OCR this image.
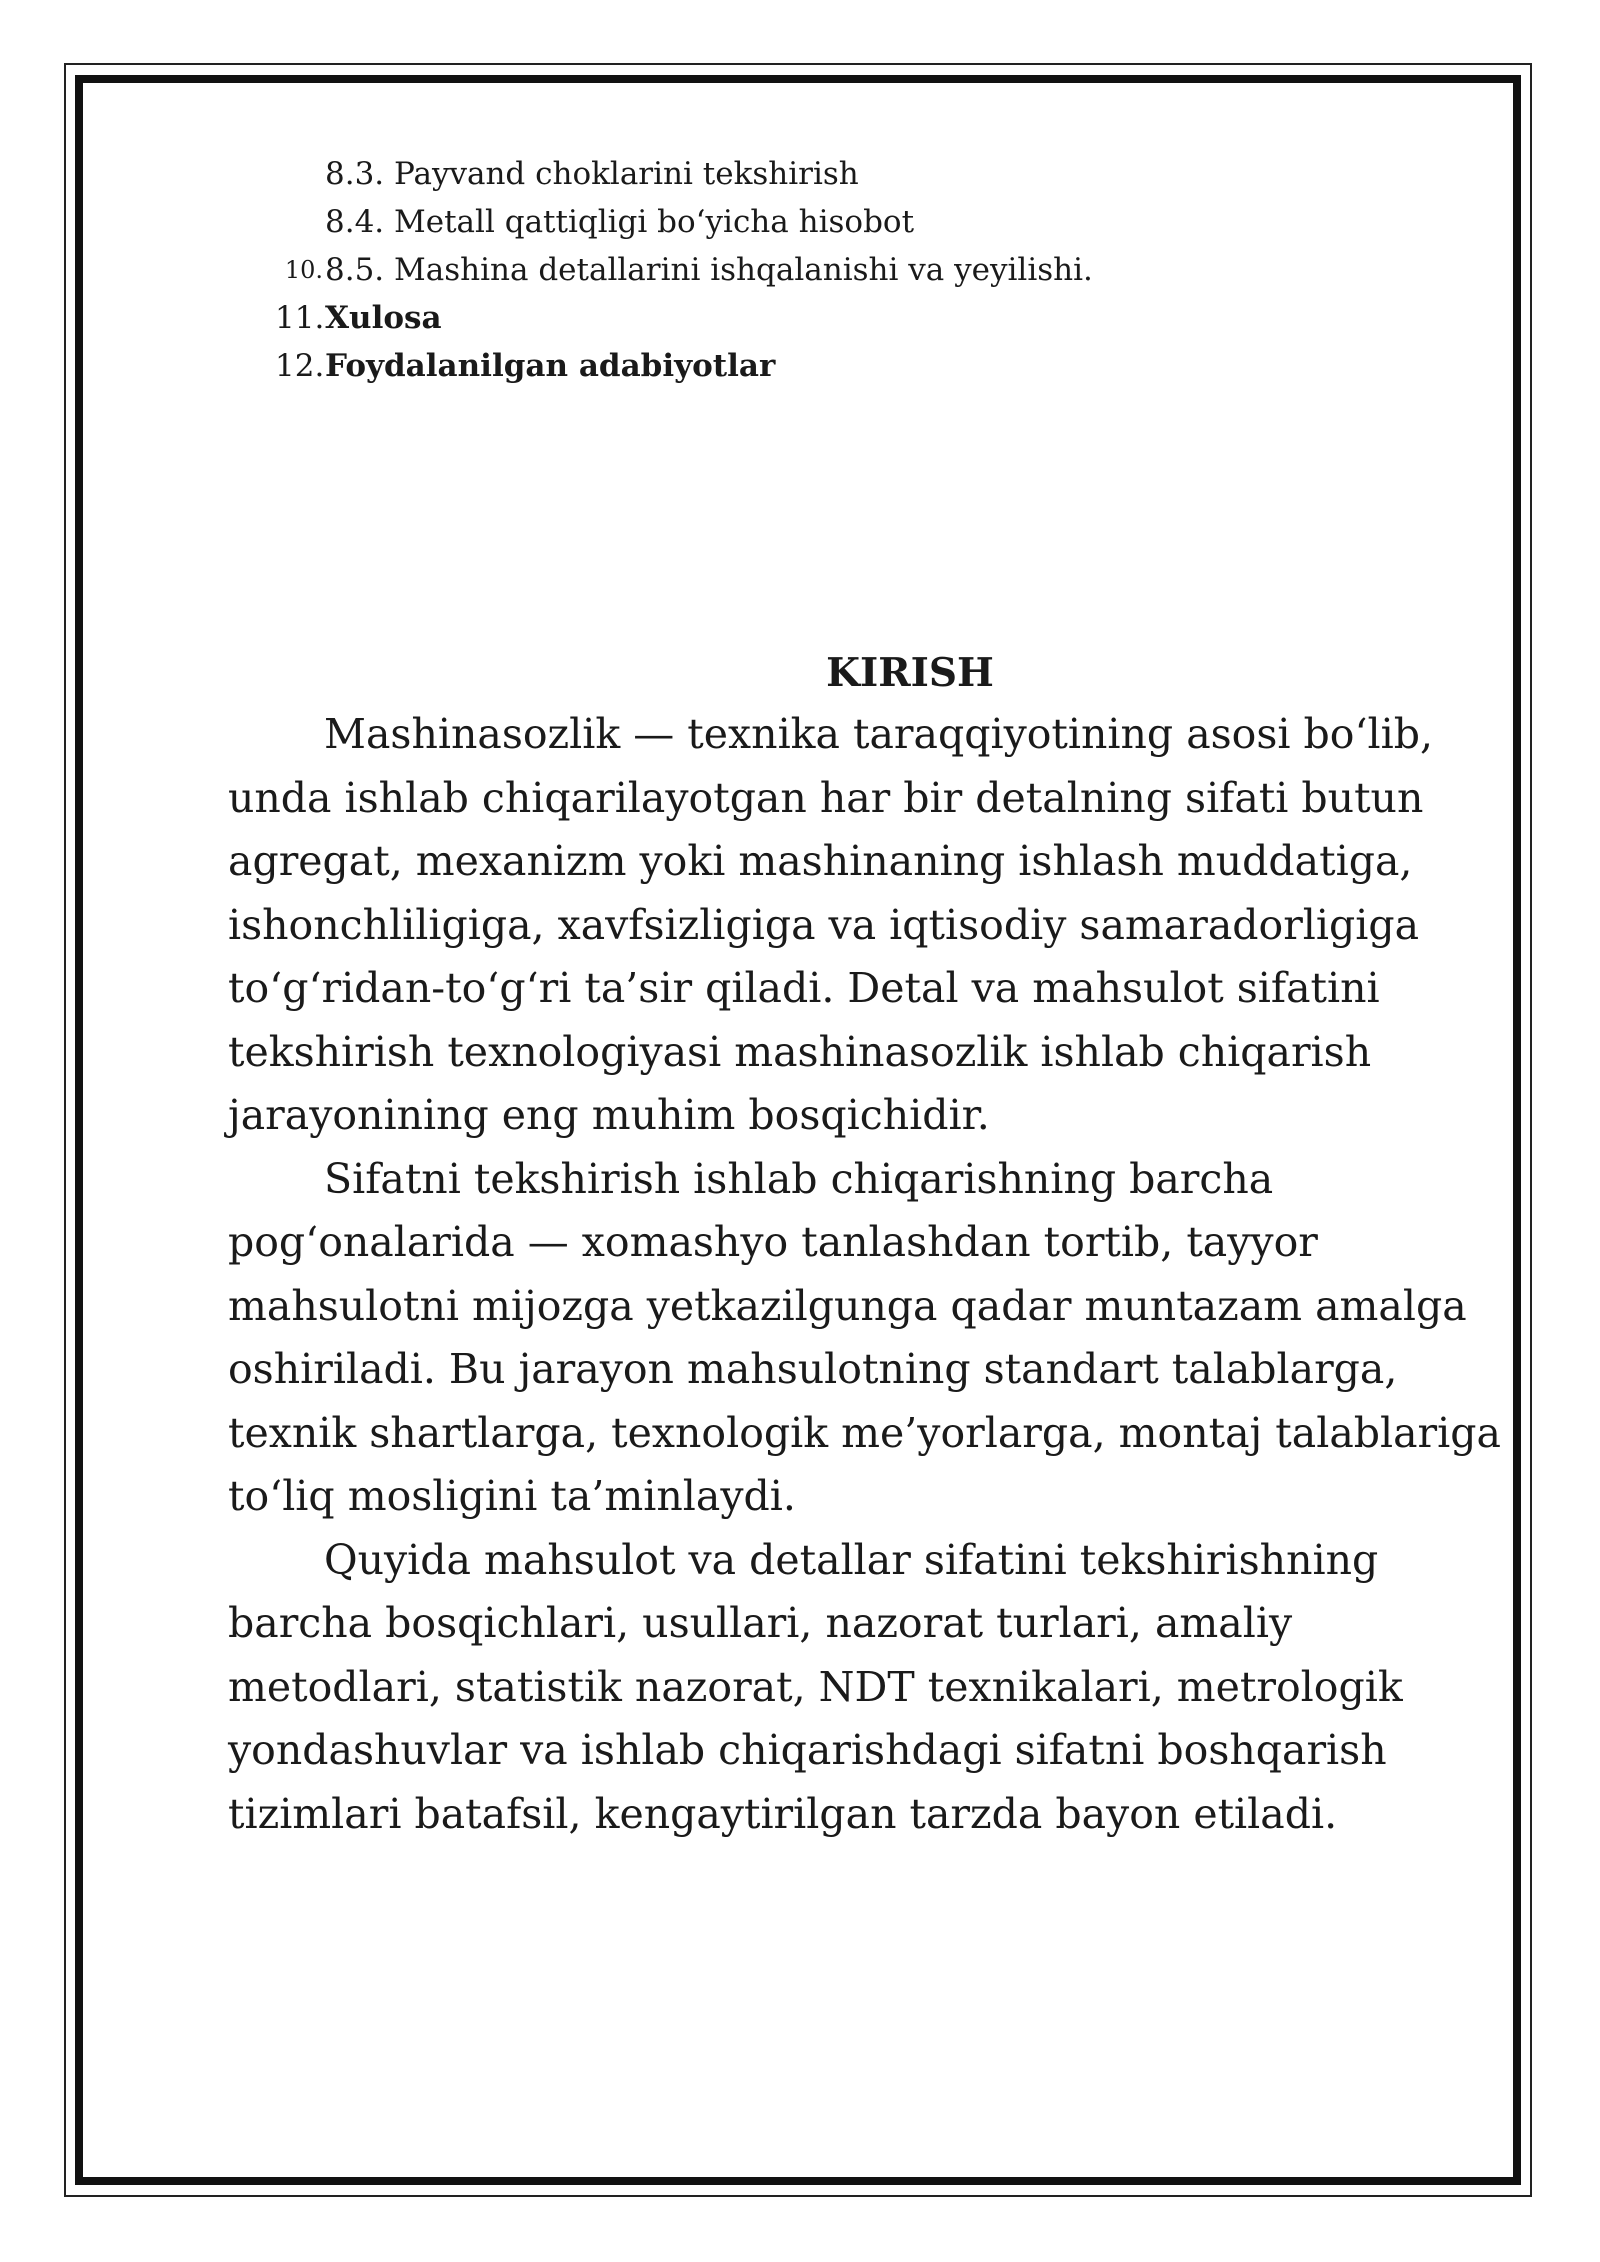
8.3. Payvand choklarini tekshirish
8.4. Metall qattiqligi bo‘yicha hisobot
10. 8.5. Mashina detallarini ishqalanishi va yeyilishi.
11. Xulosa
12. Foydalanilgan adabiyotlar
KIRISH

Mashinasozlik — texnika taraqqiyotining asosi bo‘lib, unda ishlab chiqarilayotgan har bir detalning sifati butun agregat, mexanizm yoki mashinaning ishlash muddatiga, ishonchliligiga, xavfsizligiga va iqtisodiy samaradorligiga to‘g‘ridan-to‘g‘ri ta’sir qiladi. Detal va mahsulot sifatini tekshirish texnologiyasi mashinasozlik ishlab chiqarish jarayonining eng muhim bosqichidir.

Sifatni tekshirish ishlab chiqarishning barcha pog‘onalarida — xomashyo tanlashdan tortib, tayyor mahsulotni mijozga yetkazilgunga qadar muntazam amalga oshiriladi. Bu jarayon mahsulotning standart talablarga, texnik shartlarga, texnologik me’yorlarga, montaj talablariga to‘liq mosligini ta’minlaydi.

Quyida mahsulot va detallar sifatini tekshirishning barcha bosqichlari, usullari, nazorat turlari, amaliy metodlari, statistik nazorat, NDT texnikalari, metrologik yondashuvlar va ishlab chiqarishdagi sifatni boshqarish tizimlari batafsil, kengaytirilgan tarzda bayon etiladi.
